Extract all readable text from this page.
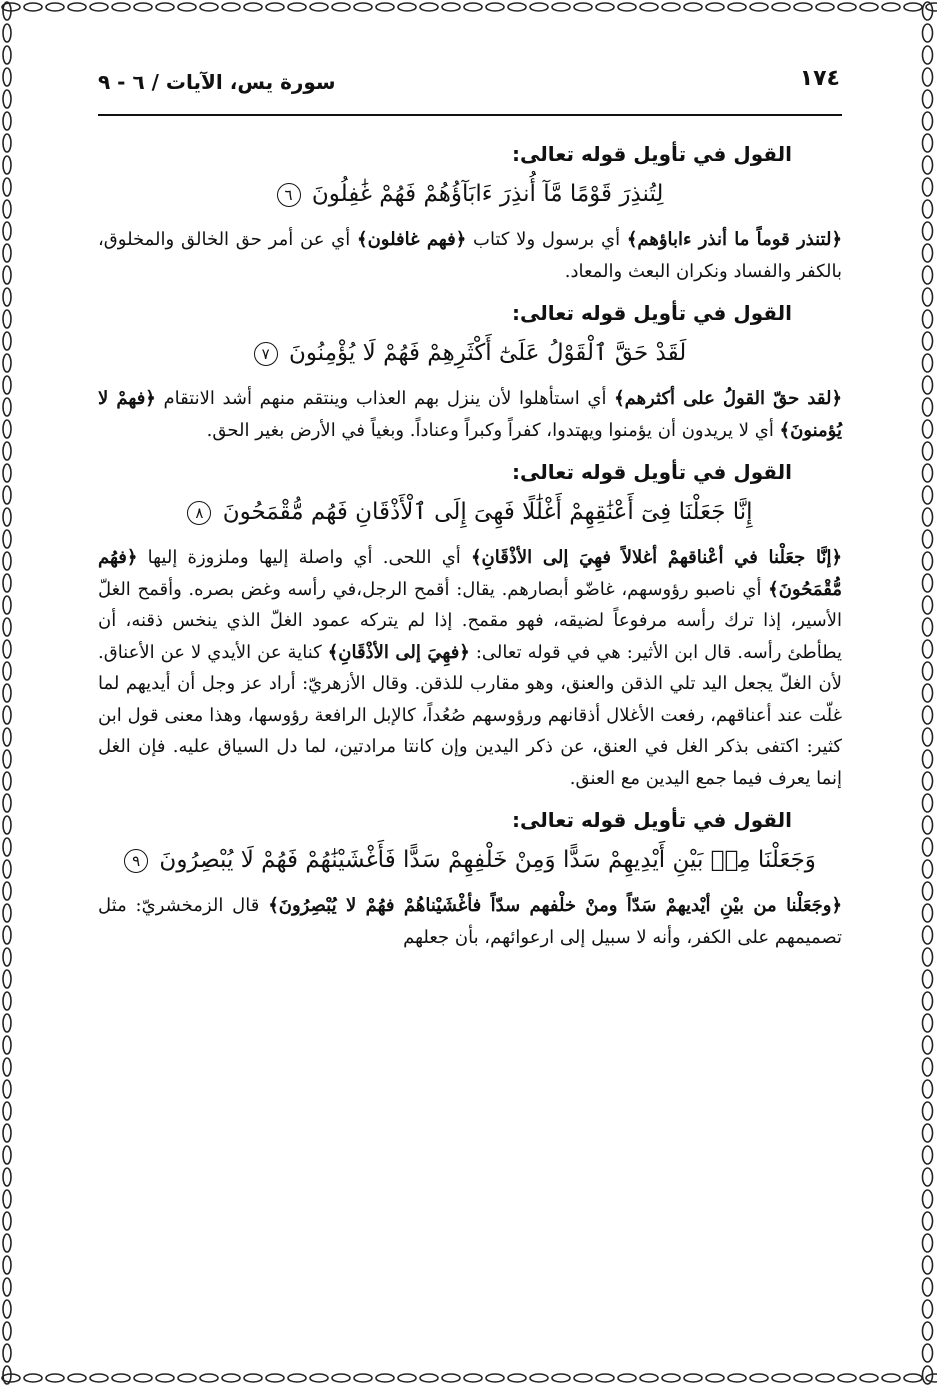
١٧٤
سورة يس، الآيات / ٦ - ٩
القول في تأويل قوله تعالى:
لِتُنذِرَ قَوْمًا مَّآ أُنذِرَ ءَابَآؤُهُمْ فَهُمْ غَٰفِلُونَ ٦

﴿لتنذر قوماً ما أنذر ءاباؤهم﴾ أي برسول ولا كتاب ﴿فهم غافلون﴾ أي عن أمر حق الخالق والمخلوق، بالكفر والفساد ونكران البعث والمعاد.

القول في تأويل قوله تعالى:
لَقَدْ حَقَّ ٱلْقَوْلُ عَلَىٰٓ أَكْثَرِهِمْ فَهُمْ لَا يُؤْمِنُونَ ٧

﴿لقد حقّ القولُ على أكثرهم﴾ أي استأهلوا لأن ينزل بهم العذاب وينتقم منهم أشد الانتقام ﴿فهمْ لا يُؤمنونَ﴾ أي لا يريدون أن يؤمنوا ويهتدوا، كفراً وكبراً وعناداً. وبغياً في الأرض بغير الحق.

القول في تأويل قوله تعالى:
إِنَّا جَعَلْنَا فِىٓ أَعْنَٰقِهِمْ أَغْلَٰلًا فَهِىَ إِلَى ٱلْأَذْقَانِ فَهُم مُّقْمَحُونَ ٨

﴿إنَّا جعَلْنا في أعْناقهمْ أغلالاً فهِيَ إلى الأذْقَانِ﴾ أي اللحى. أي واصلة إليها وملزوزة إليها ﴿فهُم مُّقْمَحُونَ﴾ أي ناصبو رؤوسهم، غاضّو أبصارهم. يقال: أقمح الرجل،في رأسه وغض بصره. وأقمح الغلّ الأسير، إذا ترك رأسه مرفوعاً لضيقه، فهو مقمح. إذا لم يتركه عمود الغلّ الذي ينخس ذقنه، أن يطأطئ رأسه. قال ابن الأثير: هي في قوله تعالى: ﴿فهِيَ إلى الأذْقَانِ﴾ كناية عن الأيدي لا عن الأعناق. لأن الغلّ يجعل اليد تلي الذقن والعنق، وهو مقارب للذقن. وقال الأزهريّ: أراد عز وجل أن أيديهم لما غلّت عند أعناقهم، رفعت الأغلال أذقانهم ورؤوسهم صُعُداً، كالإبل الرافعة رؤوسها، وهذا معنى قول ابن كثير: اكتفى بذكر الغل في العنق، عن ذكر اليدين وإن كانتا مرادتين، لما دل السياق عليه. فإن الغل إنما يعرف فيما جمع اليدين مع العنق.

القول في تأويل قوله تعالى:
وَجَعَلْنَا مِنۢ بَيْنِ أَيْدِيهِمْ سَدًّا وَمِنْ خَلْفِهِمْ سَدًّا فَأَغْشَيْنَٰهُمْ فَهُمْ لَا يُبْصِرُونَ ٩

﴿وجَعَلْنا من بيْنِ أيْديهمْ سَدّاً ومنْ خلْفهم سدّاً فأغْشَيْناهُمْ فهُمْ لا يُبْصِرُونَ﴾ قال الزمخشريّ: مثل تصميمهم على الكفر، وأنه لا سبيل إلى ارعوائهم، بأن جعلهم
